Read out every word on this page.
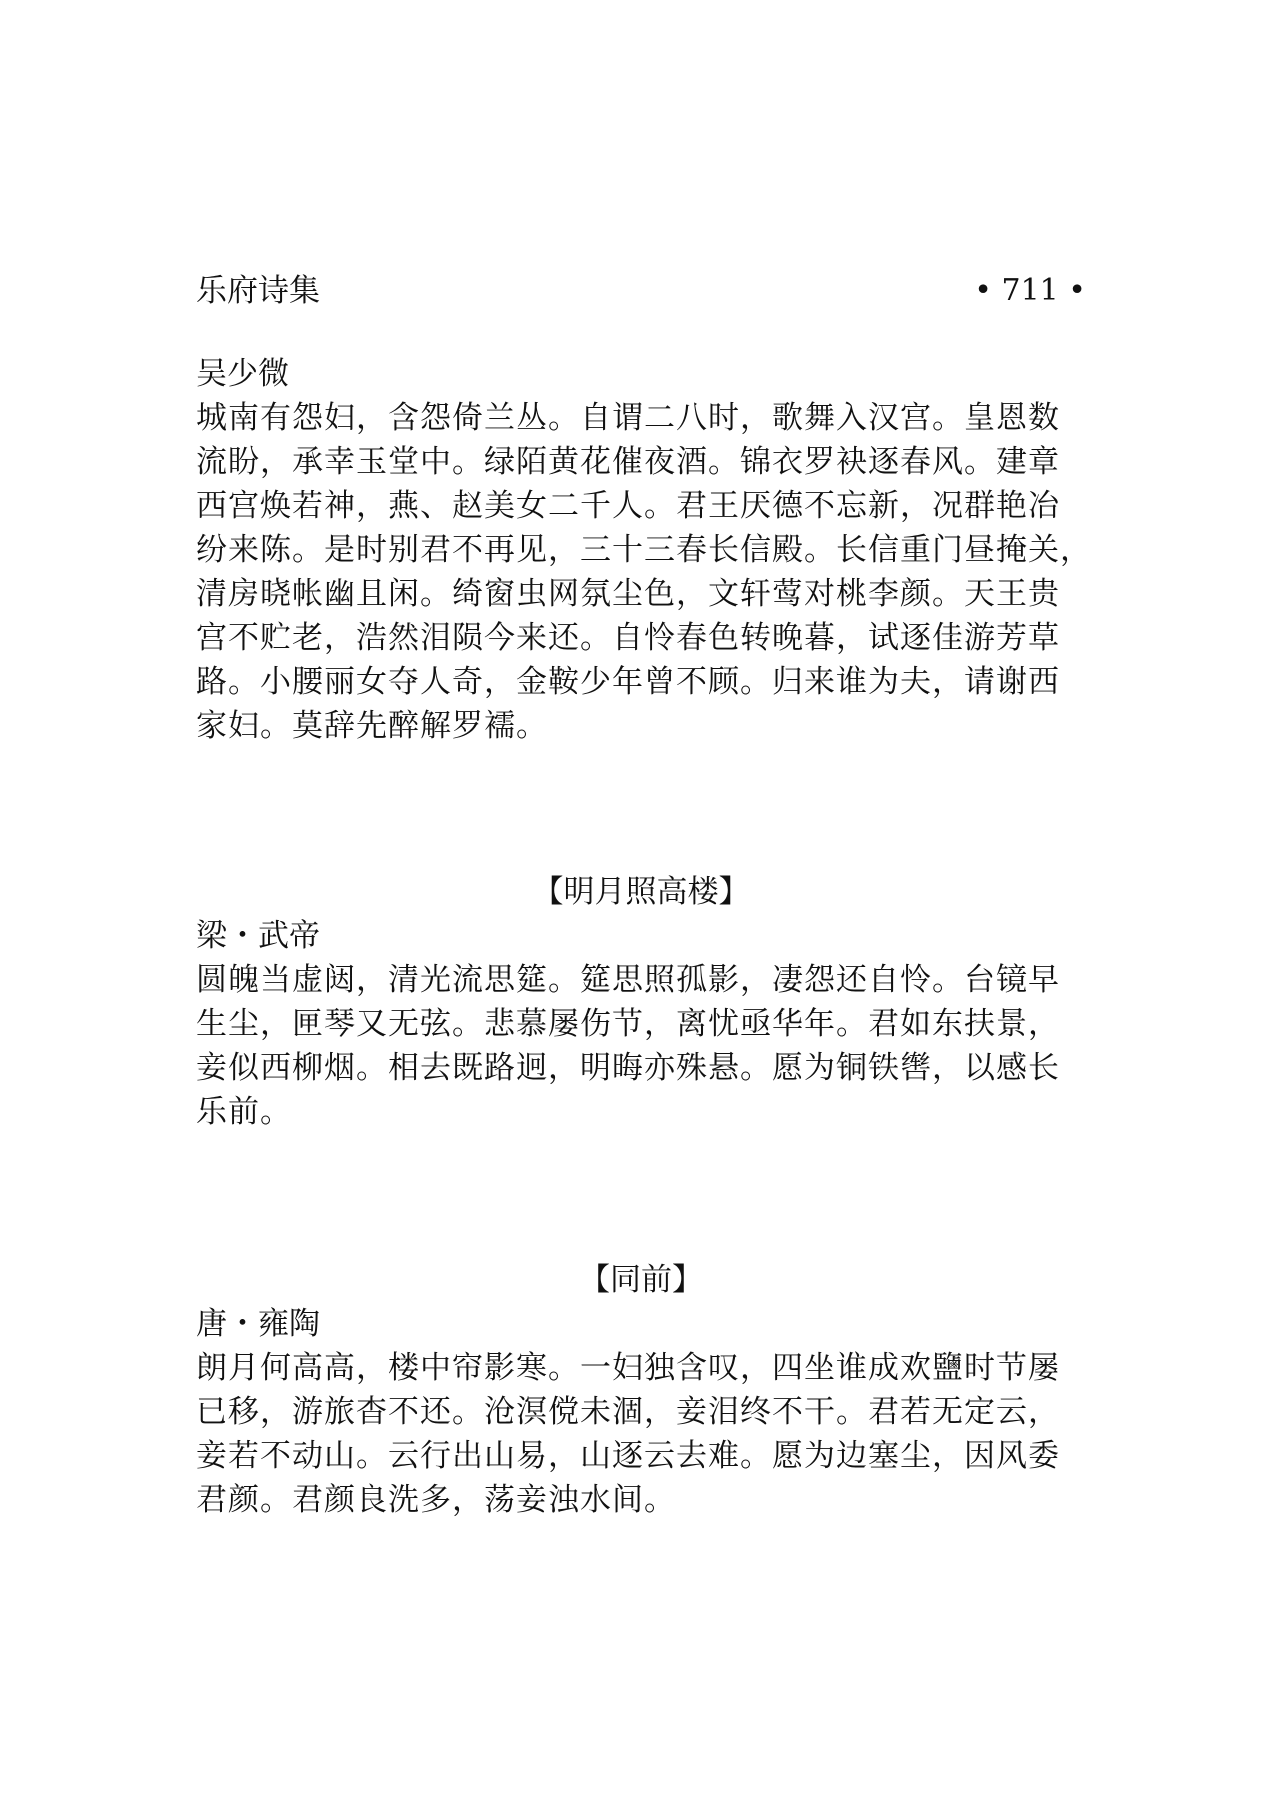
乐府诗集	• 711 •
吴少微
城南有怨妇，含怨倚兰丛。自谓二八时，歌舞入汉宫。皇恩数
流盼，承幸玉堂中。绿陌黄花催夜酒。锦衣罗袂逐春风。建章
西宫焕若神，燕、赵美女二千人。君王厌德不忘新，况群艳冶
纷来陈。是时别君不再见，三十三春长信殿。长信重门昼掩关，
清房晓帐幽且闲。绮窗虫网氛尘色，文轩莺对桃李颜。天王贵
宫不贮老，浩然泪陨今来还。自怜春色转晚暮，试逐佳游芳草
路。小腰丽女夺人奇，金鞍少年曾不顾。归来谁为夫，请谢西
家妇。莫辞先醉解罗襦。
【明月照高楼】
梁・武帝
圆魄当虚闼，清光流思筵。筵思照孤影，凄怨还自怜。台镜早
生尘，匣琴又无弦。悲慕屡伤节，离忧亟华年。君如东扶景，
妾似西柳烟。相去既路迥，明晦亦殊悬。愿为铜铁辔，以感长
乐前。
【同前】
唐・雍陶
朗月何高高，楼中帘影寒。一妇独含叹，四坐谁成欢鹽时节屡
已移，游旅杳不还。沧溟傥未涸，妾泪终不干。君若无定云，
妾若不动山。云行出山易，山逐云去难。愿为边塞尘，因风委
君颜。君颜良洗多，荡妾浊水间。
